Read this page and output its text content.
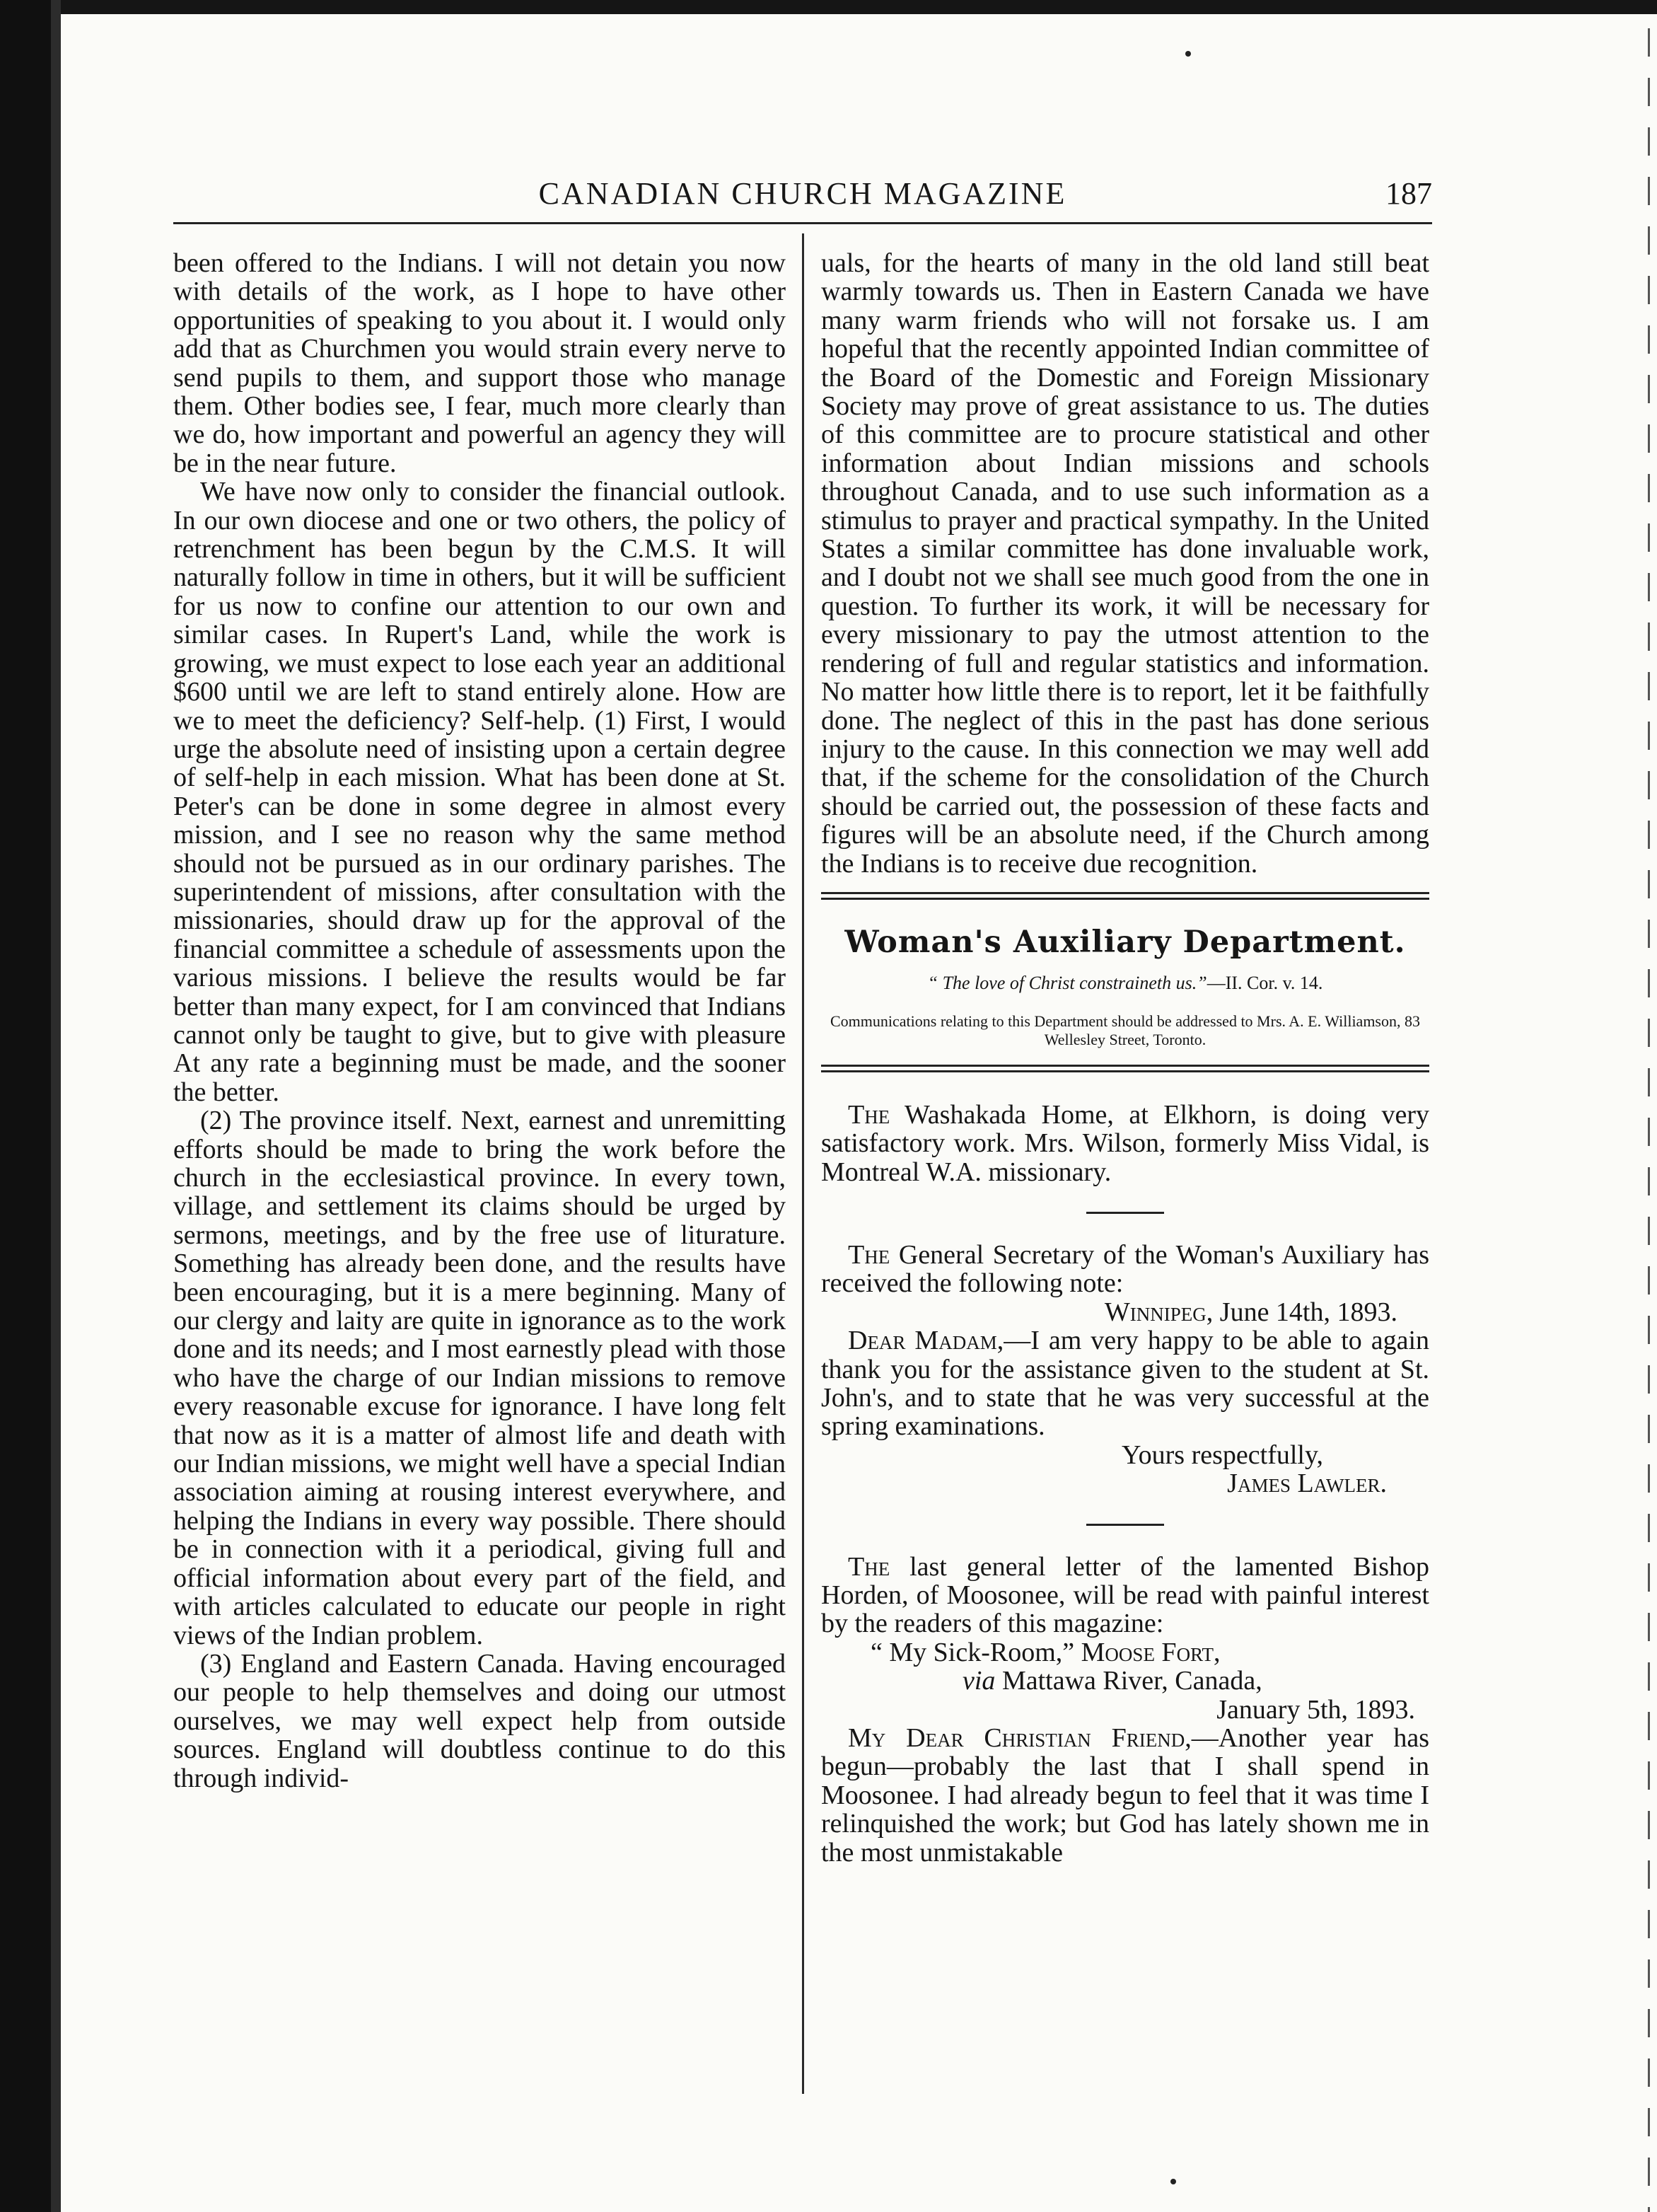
CANADIAN CHURCH MAGAZINE	187

been offered to the Indians. I will not detain you now with details of the work, as I hope to have other opportunities of speaking to you about it. I would only add that as Churchmen you would strain every nerve to send pupils to them, and support those who manage them. Other bodies see, I fear, much more clearly than we do, how important and powerful an agency they will be in the near future.

We have now only to consider the financial outlook. In our own diocese and one or two others, the policy of retrenchment has been begun by the C.M.S. It will naturally follow in time in others, but it will be sufficient for us now to confine our attention to our own and similar cases. In Rupert's Land, while the work is growing, we must expect to lose each year an additional $600 until we are left to stand entirely alone. How are we to meet the deficiency? Self-help. (1) First, I would urge the absolute need of insisting upon a certain degree of self-help in each mission. What has been done at St. Peter's can be done in some degree in almost every mission, and I see no reason why the same method should not be pursued as in our ordinary parishes. The superintendent of missions, after consultation with the missionaries, should draw up for the approval of the financial committee a schedule of assessments upon the various missions. I believe the results would be far better than many expect, for I am convinced that Indians cannot only be taught to give, but to give with pleasure At any rate a beginning must be made, and the sooner the better.

(2) The province itself. Next, earnest and unremitting efforts should be made to bring the work before the church in the ecclesiastical province. In every town, village, and settlement its claims should be urged by sermons, meetings, and by the free use of liturature. Something has already been done, and the results have been encouraging, but it is a mere beginning. Many of our clergy and laity are quite in ignorance as to the work done and its needs; and I most earnestly plead with those who have the charge of our Indian missions to remove every reasonable excuse for ignorance. I have long felt that now as it is a matter of almost life and death with our Indian missions, we might well have a special Indian association aiming at rousing interest everywhere, and helping the Indians in every way possible. There should be in connection with it a periodical, giving full and official information about every part of the field, and with articles calculated to educate our people in right views of the Indian problem.

(3) England and Eastern Canada. Having encouraged our people to help themselves and doing our utmost ourselves, we may well expect help from outside sources. England will doubtless continue to do this through individ-

uals, for the hearts of many in the old land still beat warmly towards us. Then in Eastern Canada we have many warm friends who will not forsake us. I am hopeful that the recently appointed Indian committee of the Board of the Domestic and Foreign Missionary Society may prove of great assistance to us. The duties of this committee are to procure statistical and other information about Indian missions and schools throughout Canada, and to use such information as a stimulus to prayer and practical sympathy. In the United States a similar committee has done invaluable work, and I doubt not we shall see much good from the one in question. To further its work, it will be necessary for every missionary to pay the utmost attention to the rendering of full and regular statistics and information. No matter how little there is to report, let it be faithfully done. The neglect of this in the past has done serious injury to the cause. In this connection we may well add that, if the scheme for the consolidation of the Church should be carried out, the possession of these facts and figures will be an absolute need, if the Church among the Indians is to receive due recognition.

Woman's Auxiliary Department.
“ The love of Christ constraineth us.”—II. Cor. v. 14.
Communications relating to this Department should be addressed to Mrs. A. E. Williamson, 83 Wellesley Street, Toronto.

The Washakada Home, at Elkhorn, is doing very satisfactory work. Mrs. Wilson, formerly Miss Vidal, is Montreal W.A. missionary.

The General Secretary of the Woman's Auxiliary has received the following note:

Winnipeg, June 14th, 1893.

Dear Madam,—I am very happy to be able to again thank you for the assistance given to the student at St. John's, and to state that he was very successful at the spring examinations.

Yours respectfully,

James Lawler.

The last general letter of the lamented Bishop Horden, of Moosonee, will be read with painful interest by the readers of this magazine:

“ My Sick-Room,” Moose Fort,

via Mattawa River, Canada,

January 5th, 1893.

My Dear Christian Friend,—Another year has begun—probably the last that I shall spend in Moosonee. I had already begun to feel that it was time I relinquished the work; but God has lately shown me in the most unmistakable
